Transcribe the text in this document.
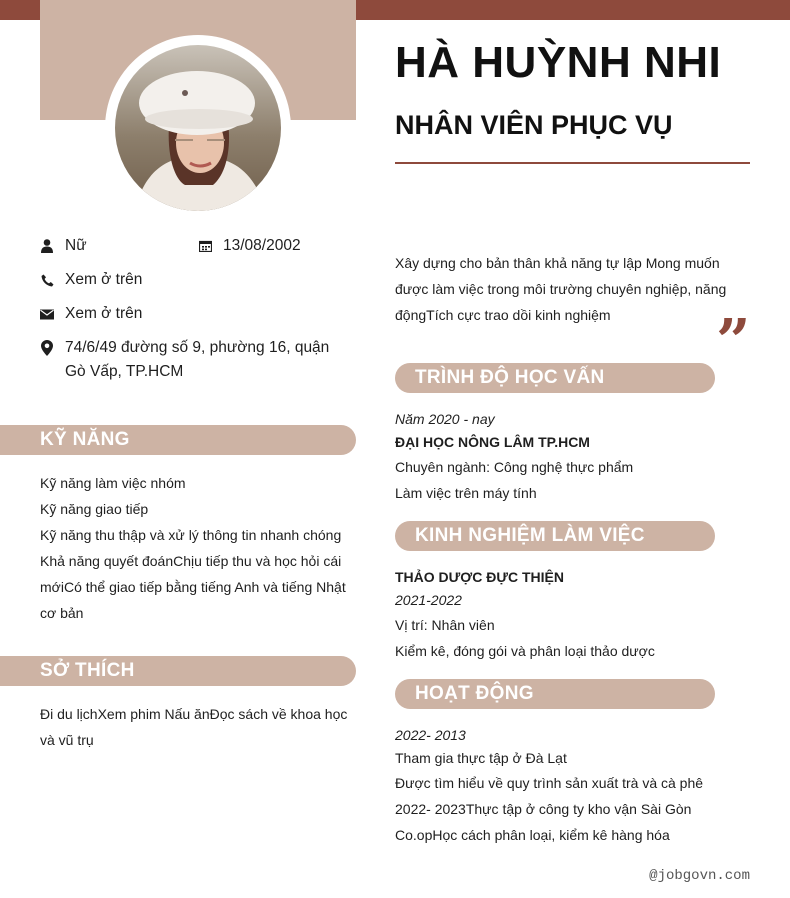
Nữ	13/08/2002
Xem ở trên
Xem ở trên
74/6/49 đường số 9, phường 16, quận Gò Vấp, TP.HCM
KỸ NĂNG
Kỹ năng làm việc nhóm
Kỹ năng giao tiếp
Kỹ năng thu thập và xử lý thông tin nhanh chóng
Khả năng quyết đoánChịu tiếp thu và học hỏi cái mớiCó thể giao tiếp bằng tiếng Anh và tiếng Nhật cơ bản
SỞ THÍCH
Đi du lịchXem phim Nấu ănĐọc sách về khoa học và vũ trụ
HÀ HUỲNH NHI
NHÂN VIÊN PHỤC VỤ
Xây dựng cho bản thân khả năng tự lập Mong muốn được làm việc trong môi trường chuyên nghiệp, năng độngTích cực trao dồi kinh nghiệm	”
TRÌNH ĐỘ HỌC VẤN
Năm 2020 - nay
ĐẠI HỌC NÔNG LÂM TP.HCM
Chuyên ngành: Công nghệ thực phẩm
Làm việc trên máy tính
KINH NGHIỆM LÀM VIỆC
THẢO DƯỢC ĐỰC THIỆN
2021-2022
Vị trí: Nhân viên
Kiểm kê, đóng gói và phân loại thảo dược
HOẠT ĐỘNG
2022- 2013
Tham gia thực tập ở Đà Lạt
Được tìm hiểu về quy trình sản xuất trà và cà phê
2022- 2023Thực tập ở công ty kho vận Sài Gòn Co.opHọc cách phân loại, kiểm kê hàng hóa
@jobgovn.com
